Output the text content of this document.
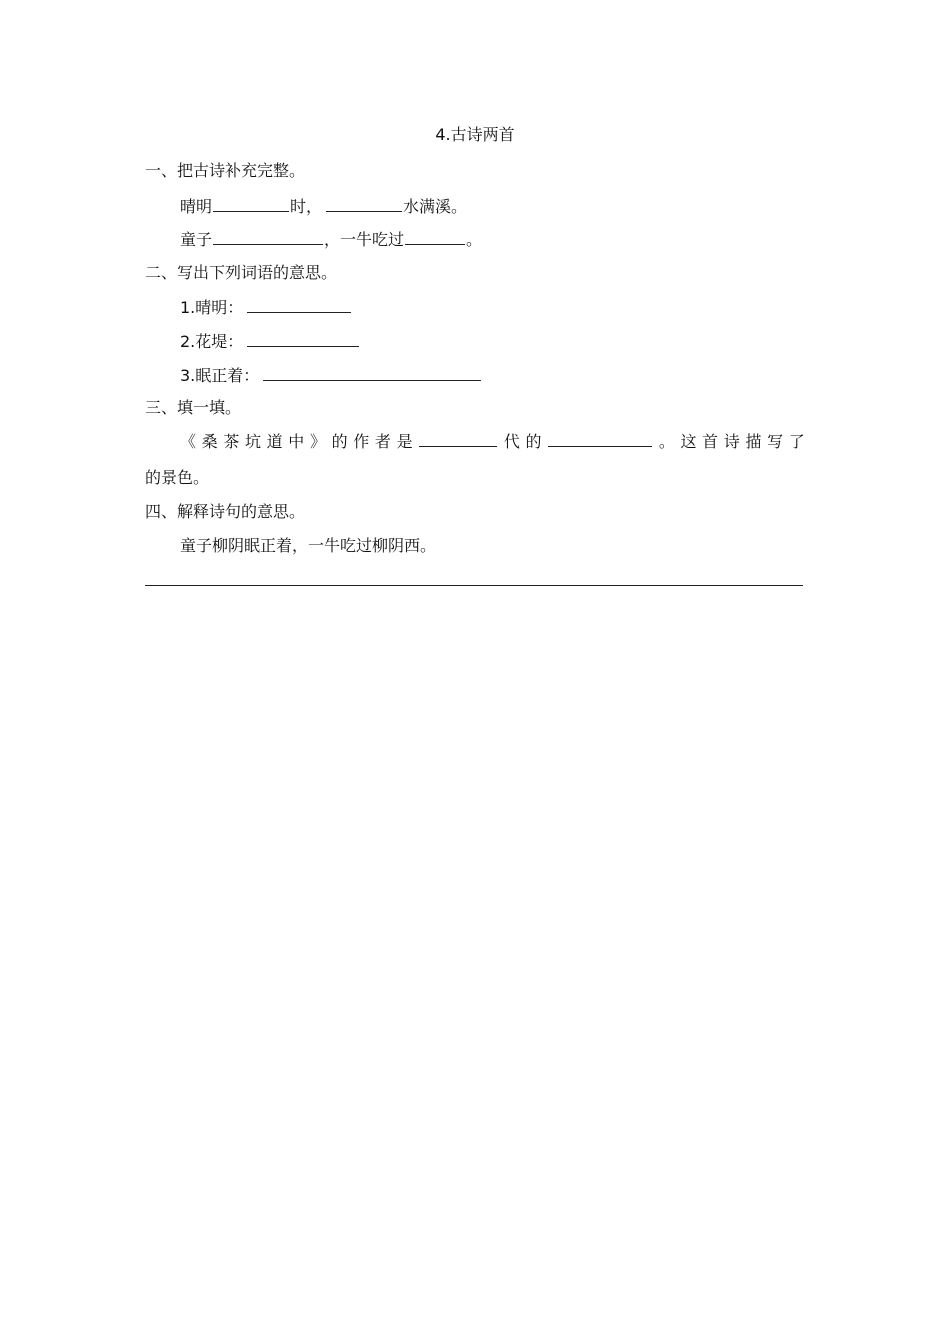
4.古诗两首
一、把古诗补充完整。
晴明	时，	水满溪。
童子	，一牛吃过	。
二、写出下列词语的意思。
1.晴明：
2.花堤：
3.眠正着：
三、填一填。
《 桑 茶 坑 道 中 》 的 作 者 是	代 的	。 这 首 诗 描 写 了
的景色。
四、解释诗句的意思。
童子柳阴眠正着，一牛吃过柳阴西。
